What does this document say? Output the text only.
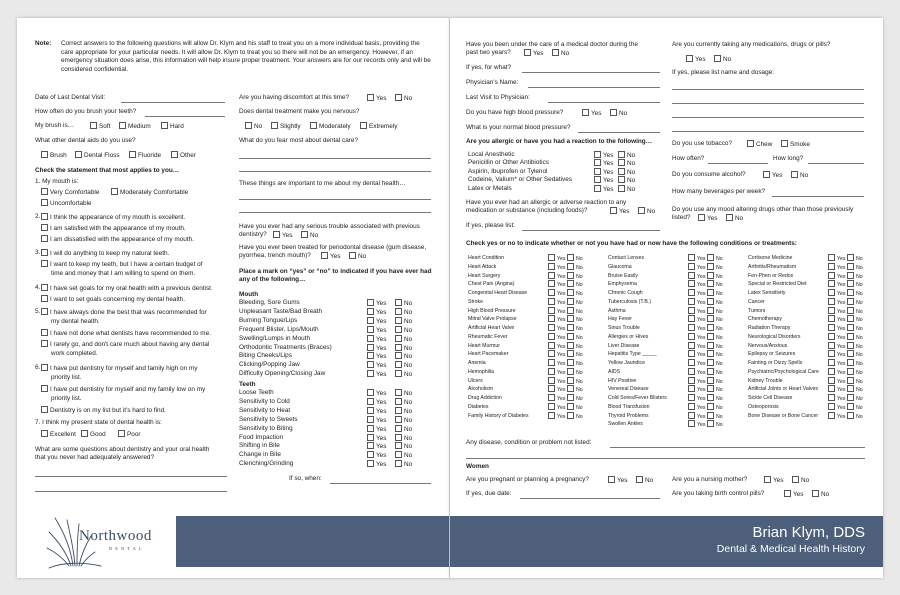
Note: Correct answers to the following questions will allow Dr. Klym and his staff to treat you on a more individual basis, providing the care appropriate for your particular needs. It will allow Dr. Klym to treat you so there will not be an emergency. However, if an emergency situation does arise, this information will help insure proper treatment. Your answers are for our records only and will be considered confidential.
Date of Last Dental Visit:
How often do you brush your teeth?
My brush is…	Soft	Medium	Hard
What other dental aids do you use?
Brush	Dental Floss	Fluoride	Other
Check the statement that most applies to you…
1. My mouth is:
Very Comfortable	Moderately Comfortable
Uncomfortable
2.	I think the appearance of my mouth is excellent.
I am satisfied with the appearance of my mouth.
I am dissatisfied with the appearance of my mouth.
3.	I will do anything to keep my natural teeth.
I want to keep my teeth, but I have a certain budget of
time and money that I am willing to spend on them.
4.	I have set goals for my oral health with a previous dentist.
I want to set goals concerning my dental health.
5.	I have always done the best that was recommended for
my dental health.
I have not done what dentists have recommended to me.
I rarely go, and don't care much about having any dental
work completed.
6.	I have put dentistry for myself and family high on my
priority list.
I have put dentistry for myself and my family low on my
priority list.
Dentistry is on my list but it's hard to find.
7. I think my present state of dental health is:
Excellent	Good	Poor
What are some questions about dentistry and your oral health
that you never had adequately answered?
Are you having discomfort at this time?	Yes	No
Does dental treatment make you nervous?
No	Slightly	Moderately	Extremely
What do you fear most about dental care?
These things are important to me about my dental health…
Have you ever had any serious trouble associated with previous
dentistry?	Yes	No
Have you ever been treated for periodontal disease (gum disease,
pyorrhea, trench mouth)?	Yes	No
Place a mark on “yes” or “no” to indicated if you have ever had
any of the following…
Mouth
Teeth
If so, when:
Northwood
DENTAL
Bleeding, Sore Gums	Yes	No
Unpleasant Taste/Bad Breath	Yes	No
Burning Tongue/Lips	Yes	No
Frequent Blister, Lips/Mouth	Yes	No
Swelling/Lumps in Mouth	Yes	No
Orthodontic Treatments (Braces)	Yes	No
Biting Cheeks/Lips	Yes	No
Clicking/Popping Jaw	Yes	No
Difficulty Opening/Closing Jaw	Yes	No
Loose Teeth	Yes	No
Sensitivity to Cold	Yes	No
Sensitivity to Heat	Yes	No
Sensitivity to Sweets	Yes	No
Sensitivity to Biting	Yes	No
Food Impaction	Yes	No
Shifting in Bite	Yes	No
Change in Bite	Yes	No
Clenching/Grinding	Yes	No
Have you been under the care of a medical doctor during the
past two years?	Yes	No
If yes, for what?
Physician's Name:
Last Visit to Physician:
Do you have high blood pressure?	Yes	No
What is your normal blood pressure?
Are you allergic or have you had a reaction to the following…
Have you ever had an allergic or adverse reaction to any
medication or substance (including foods)?	Yes	No
If yes, please list:
Are you currently taking any medications, drugs or pills?
Yes	No
If yes, please list name and dosage:
Do you use tobacco?	Chew	Smoke
How often?	How long?
Do you consume alcohol?	Yes	No
How many beverages per week?
Do you use any mood altering drugs other than those previously
listed?	Yes	No
Check yes or no to indicate whether or not you have had or now have the following conditions or treatments:
Any disease, condition or problem not listed:
Women
Are you pregnant or planning a pregnancy?	Yes	No
If yes, due date:
Are you a nursing mother?	Yes	No
Are you taking birth control pills?	Yes	No
Brian Klym, DDS
Dental & Medical Health History
Local Anesthetic	Yes	No
Penicillin or Other Antibiotics	Yes	No
Aspirin, Ibuprofen or Tylenol	Yes	No
Codeine, Valium* or Other Sedatives	Yes	No
Latex or Metals	Yes	No
Heart Condition	Yes	No
Heart Attack	Yes	No
Heart Surgery	Yes	No
Chest Pain (Angina)	Yes	No
Congenital Heart Disease	Yes	No
Stroke	Yes	No
High Blood Pressure	Yes	No
Mitral Valve Prolapse	Yes	No
Artificial Heart Valve	Yes	No
Rheumatic Fever	Yes	No
Heart Murmur	Yes	No
Heart Pacemaker	Yes	No
Anemia	Yes	No
Hemophilia	Yes	No
Ulcers	Yes	No
Alcoholism	Yes	No
Drug Addiction	Yes	No
Diabetes	Yes	No
Family History of Diabetes	Yes	No
Contact Lenses	Yes	No
Glaucoma	Yes	No
Bruise Easily	Yes	No
Emphysema	Yes	No
Chronic Cough	Yes	No
Tuberculosis (T.B.)	Yes	No
Asthma	Yes	No
Hay Fever	Yes	No
Sinus Trouble	Yes	No
Allergies or Hives	Yes	No
Liver Disease	Yes	No
Hepatitis Type _____	Yes	No
Yellow Jaundice	Yes	No
AIDS	Yes	No
HIV Positive	Yes	No
Venereal Disease	Yes	No
Cold Sores/Fever Blisters	Yes	No
Blood Transfusion	Yes	No
Thyroid Problems	Yes	No
Swollen Ankles	Yes	No
Cortisone Medicine	Yes	No
Arthritis/Rheumatism	Yes	No
Fen-Phen or Redox	Yes	No
Special or Restricted Diet	Yes	No
Latex Sensitivity	Yes	No
Cancer	Yes	No
Tumors	Yes	No
Chemotherapy	Yes	No
Radiation Therapy	Yes	No
Neurological Disorders	Yes	No
Nervous/Anxious	Yes	No
Epilepsy or Seizures	Yes	No
Fainting or Dizzy Spells	Yes	No
Psychiatric/Psychological Care	Yes	No
Kidney Trouble	Yes	No
Artificial Joints or Heart Valves	Yes	No
Sickle Cell Disease	Yes	No
Osteoporosis	Yes	No
Bone Disease or Bone Cancer	Yes	No
